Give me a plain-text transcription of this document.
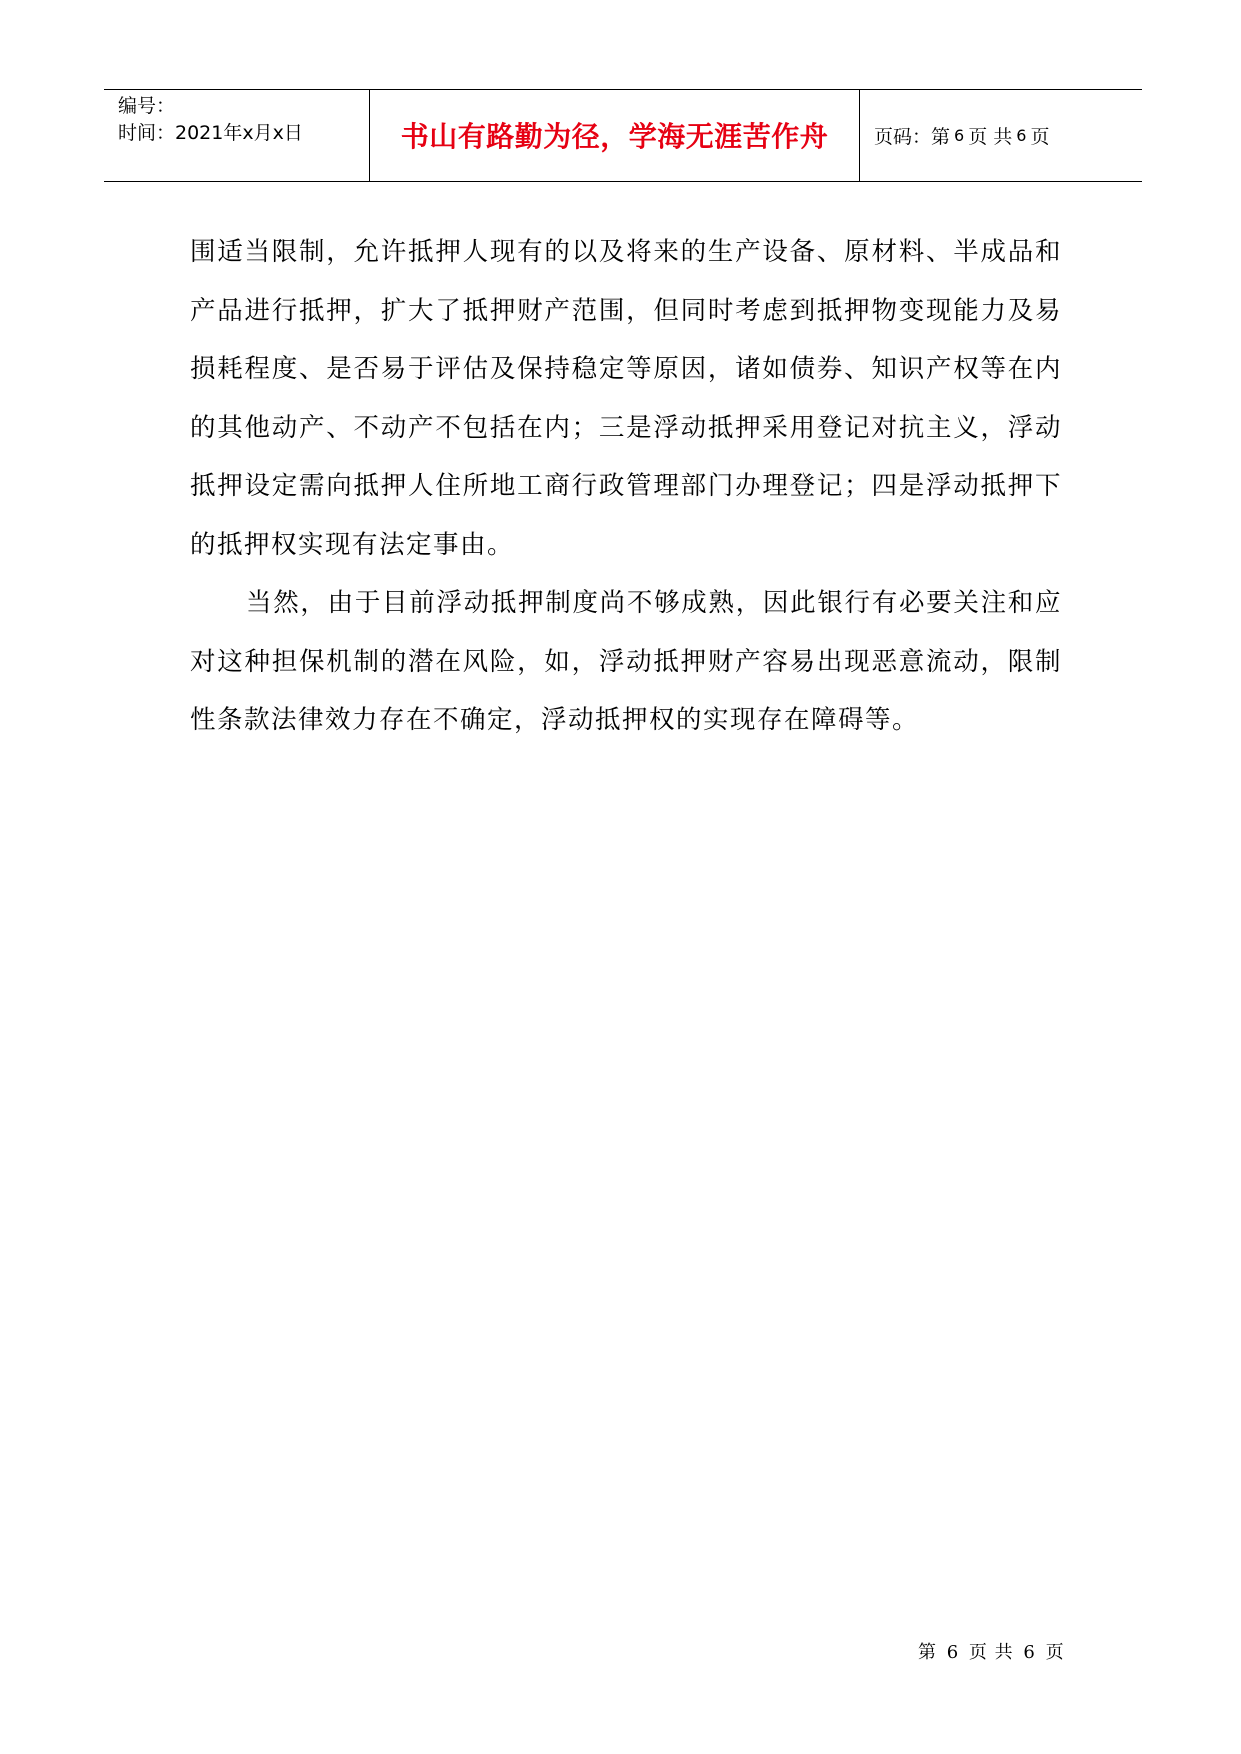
编号：
时间：2021年x月x日	书山有路勤为径，学海无涯苦作舟	页码：第 6 页 共 6 页

围适当限制，允许抵押人现有的以及将来的生产设备、原材料、半成品和产品进行抵押，扩大了抵押财产范围，但同时考虑到抵押物变现能力及易损耗程度、是否易于评估及保持稳定等原因，诸如债券、知识产权等在内的其他动产、不动产不包括在内；三是浮动抵押采用登记对抗主义，浮动抵押设定需向抵押人住所地工商行政管理部门办理登记；四是浮动抵押下的抵押权实现有法定事由。

当然，由于目前浮动抵押制度尚不够成熟，因此银行有必要关注和应对这种担保机制的潜在风险，如，浮动抵押财产容易出现恶意流动，限制性条款法律效力存在不确定，浮动抵押权的实现存在障碍等。

第 6 页 共 6 页
